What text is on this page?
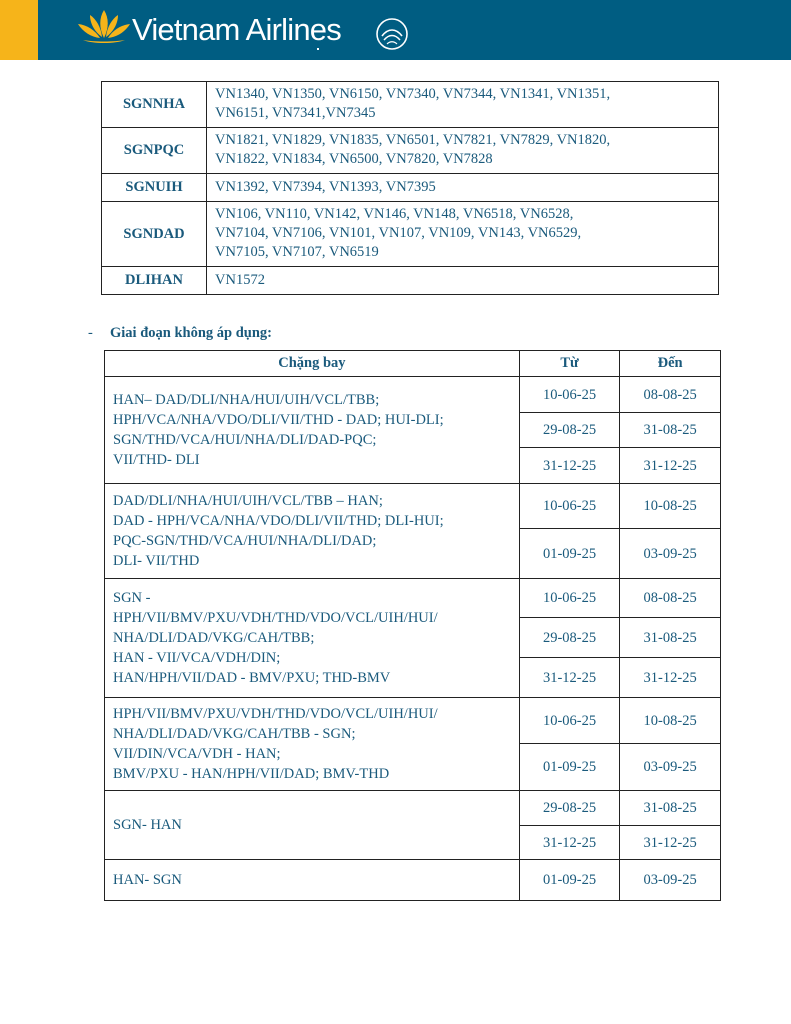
Vietnam Airlines
SGNNHA	VN1340, VN1350, VN6150, VN7340, VN7344, VN1341, VN1351,
VN6151, VN7341,VN7345

SGNPQC	VN1821, VN1829, VN1835, VN6501, VN7821, VN7829, VN1820,
VN1822, VN1834, VN6500, VN7820, VN7828

SGNUIH	VN1392, VN7394, VN1393, VN7395

SGNDAD	VN106, VN110, VN142, VN146, VN148, VN6518, VN6528,
VN7104, VN7106, VN101, VN107, VN109, VN143, VN6529,
VN7105, VN7107, VN6519

DLIHAN	VN1572
- Giai đoạn không áp dụng:
Chặng bay	Từ	Đến

HAN– DAD/DLI/NHA/HUI/UIH/VCL/TBB;
HPH/VCA/NHA/VDO/DLI/VII/THD - DAD; HUI-DLI;
SGN/THD/VCA/HUI/NHA/DLI/DAD-PQC;
VII/THD- DLI	10-06-25	08-08-25
	29-08-25	31-08-25
	31-12-25	31-12-25

DAD/DLI/NHA/HUI/UIH/VCL/TBB – HAN;
DAD - HPH/VCA/NHA/VDO/DLI/VII/THD; DLI-HUI;
PQC-SGN/THD/VCA/HUI/NHA/DLI/DAD;
DLI- VII/THD	10-06-25	10-08-25
	01-09-25	03-09-25

SGN -
HPH/VII/BMV/PXU/VDH/THD/VDO/VCL/UIH/HUI/
NHA/DLI/DAD/VKG/CAH/TBB;
HAN - VII/VCA/VDH/DIN;
HAN/HPH/VII/DAD - BMV/PXU; THD-BMV	10-06-25	08-08-25
	29-08-25	31-08-25
	31-12-25	31-12-25

HPH/VII/BMV/PXU/VDH/THD/VDO/VCL/UIH/HUI/
NHA/DLI/DAD/VKG/CAH/TBB - SGN;
VII/DIN/VCA/VDH - HAN;
BMV/PXU - HAN/HPH/VII/DAD; BMV-THD	10-06-25	10-08-25
	01-09-25	03-09-25

SGN- HAN	29-08-25	31-08-25
	31-12-25	31-12-25

HAN- SGN	01-09-25	03-09-25
